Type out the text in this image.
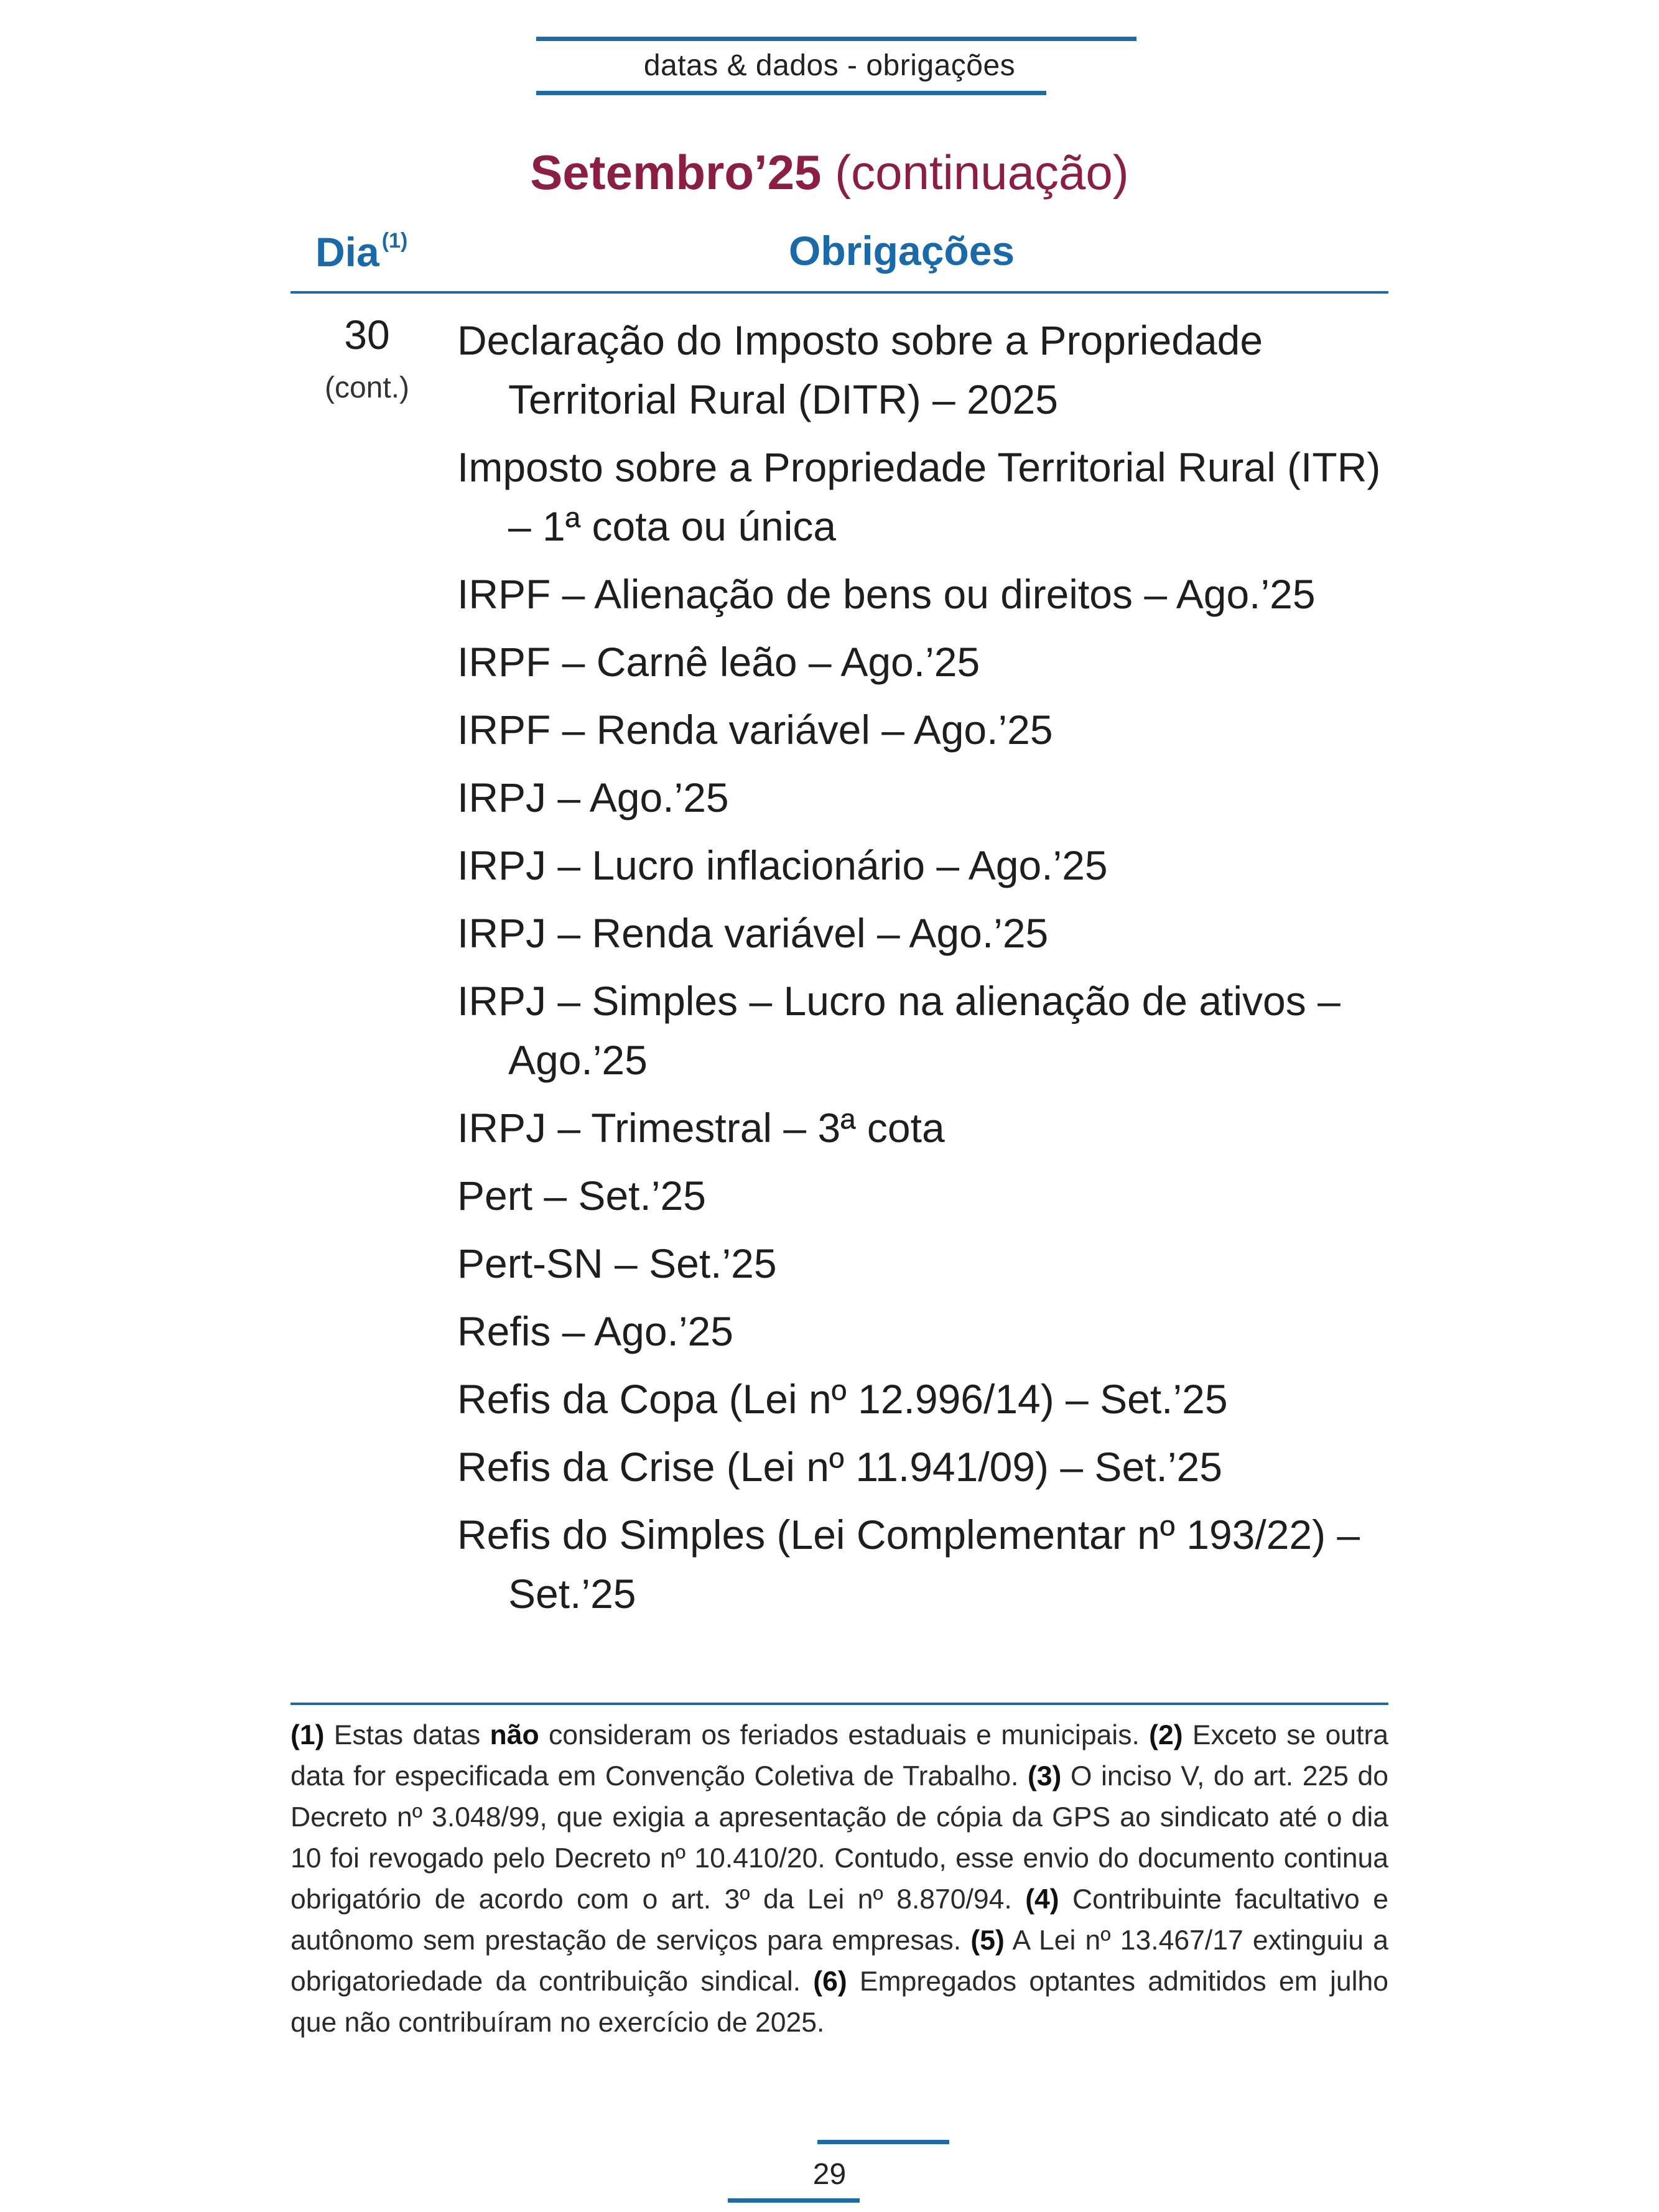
datas & dados - obrigações
Setembro’25 (continuação)
Dia $^{(1)}$	Obrigações
30
(cont.)
Declaração do Imposto sobre a Propriedade Territorial Rural (DITR) – 2025
Imposto sobre a Propriedade Territorial Rural (ITR) – 1ª cota ou única
IRPF – Alienação de bens ou direitos – Ago.’25
IRPF – Carnê leão – Ago.’25
IRPF – Renda variável – Ago.’25
IRPJ – Ago.’25
IRPJ – Lucro inflacionário – Ago.’25
IRPJ – Renda variável – Ago.’25
IRPJ – Simples – Lucro na alienação de ativos – Ago.’25
IRPJ – Trimestral – 3ª cota
Pert – Set.’25
Pert-SN – Set.’25
Refis – Ago.’25
Refis da Copa (Lei nº 12.996/14) – Set.’25
Refis da Crise (Lei nº 11.941/09) – Set.’25
Refis do Simples (Lei Complementar nº 193/22) – Set.’25
(1) Estas datas não consideram os feriados estaduais e municipais. (2) Exceto se outra data for especificada em Convenção Coletiva de Trabalho. (3) O inciso V, do art. 225 do Decreto nº 3.048/99, que exigia a apresentação de cópia da GPS ao sindicato até o dia 10 foi revogado pelo Decreto nº 10.410/20. Contudo, esse envio do documento continua obrigatório de acordo com o art. 3º da Lei nº 8.870/94. (4) Contribuinte facultativo e autônomo sem prestação de serviços para empresas. (5) A Lei nº 13.467/17 extinguiu a obrigatoriedade da contribuição sindical. (6) Empregados optantes admitidos em julho que não contribuíram no exercício de 2025.
29
